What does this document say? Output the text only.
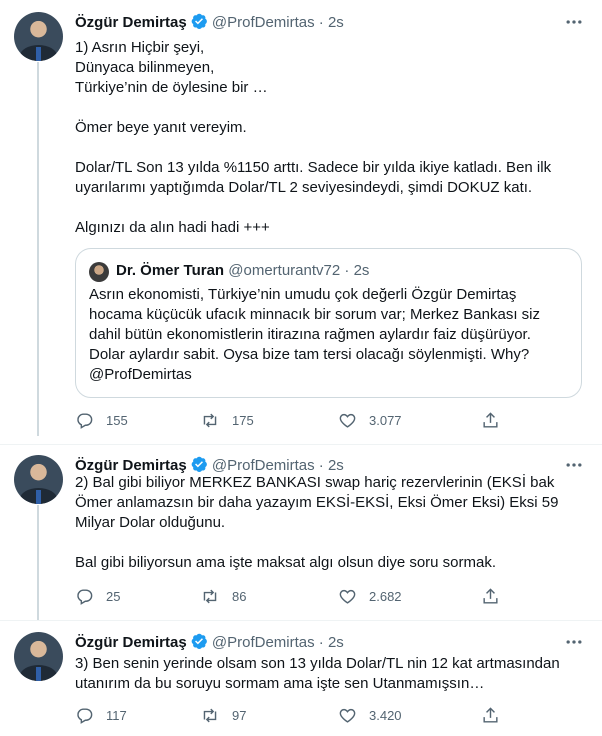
Özgür Demirtaş @ProfDemirtas · 2s
1) Asrın Hiçbir şeyi,
Dünyaca bilinmeyen,
Türkiye’nin de öylesine bir …

Ömer beye yanıt vereyim.

Dolar/TL Son 13 yılda %1150 arttı. Sadece bir yılda ikiye katladı. Ben ilk uyarılarımı yaptığımda Dolar/TL 2 seviyesindeydi, şimdi DOKUZ katı.

Algınızı da alın hadi hadi +++
Dr. Ömer Turan @omerturantv72 · 2s
Asrın ekonomisti, Türkiye’nin umudu çok değerli Özgür Demirtaş hocama küçücük ufacık minnacık bir sorum var; Merkez Bankası siz dahil bütün ekonomistlerin itirazına rağmen aylardır faiz düşürüyor. Dolar aylardır sabit. Oysa bize tam tersi olacağı söylenmişti. Why?
@ProfDemirtas
155	175	3.077
Özgür Demirtaş @ProfDemirtas · 2s
2) Bal gibi biliyor MERKEZ BANKASI swap hariç rezervlerinin (EKSİ bak Ömer anlamazsın bir daha yazayım EKSİ-EKSİ, Eksi Ömer Eksi) Eksi 59 Milyar Dolar olduğunu.

Bal gibi biliyorsun ama işte maksat algı olsun diye soru sormak.
25	86	2.682
Özgür Demirtaş @ProfDemirtas · 2s
3) Ben senin yerinde olsam son 13 yılda Dolar/TL nin 12 kat artmasından utanırım da bu soruyu sormam ama işte sen Utanmamışsın…
117	97	3.420
